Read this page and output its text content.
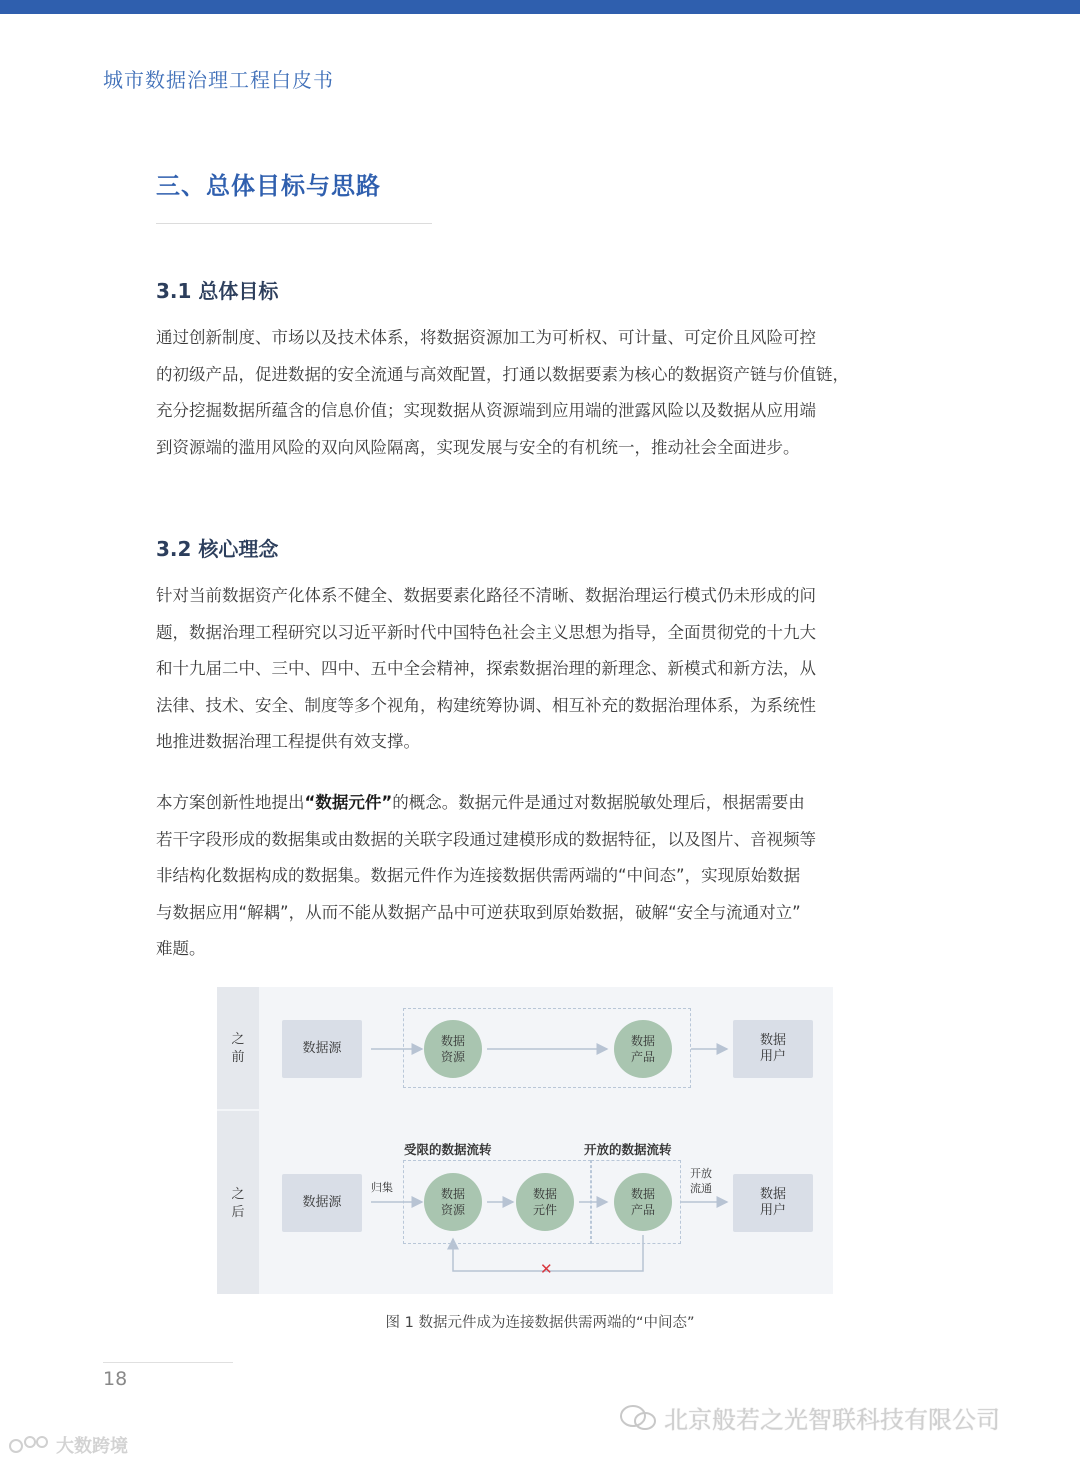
城市数据治理工程白皮书
三、总体目标与思路
3.1 总体目标
通过创新制度、市场以及技术体系，将数据资源加工为可析权、可计量、可定价且风险可控
的初级产品，促进数据的安全流通与高效配置，打通以数据要素为核心的数据资产链与价值链，
充分挖掘数据所蕴含的信息价值；实现数据从资源端到应用端的泄露风险以及数据从应用端
到资源端的滥用风险的双向风险隔离，实现发展与安全的有机统一，推动社会全面进步。
3.2 核心理念
针对当前数据资产化体系不健全、数据要素化路径不清晰、数据治理运行模式仍未形成的问
题，数据治理工程研究以习近平新时代中国特色社会主义思想为指导，全面贯彻党的十九大
和十九届二中、三中、四中、五中全会精神，探索数据治理的新理念、新模式和新方法，从
法律、技术、安全、制度等多个视角，构建统筹协调、相互补充的数据治理体系，为系统性
地推进数据治理工程提供有效支撑。
本方案创新性地提出“数据元件”的概念。数据元件是通过对数据脱敏处理后，根据需要由
若干字段形成的数据集或由数据的关联字段通过建模形成的数据特征，以及图片、音视频等
非结构化数据构成的数据集。数据元件作为连接数据供需两端的“中间态”，实现原始数据
与数据应用“解耦”，从而不能从数据产品中可逆获取到原始数据，破解“安全与流通对立”
难题。
之
前
之
后
数据源	数据
资源
数据
产品
数据
用户
受限的数据流转	开放的数据流转
归集
开放
流通
数据源
数据
资源
数据
元件
数据
产品
数据
用户
✕
图 1 数据元件成为连接数据供需两端的“中间态”
18
北京般若之光智联科技有限公司
大数跨境
